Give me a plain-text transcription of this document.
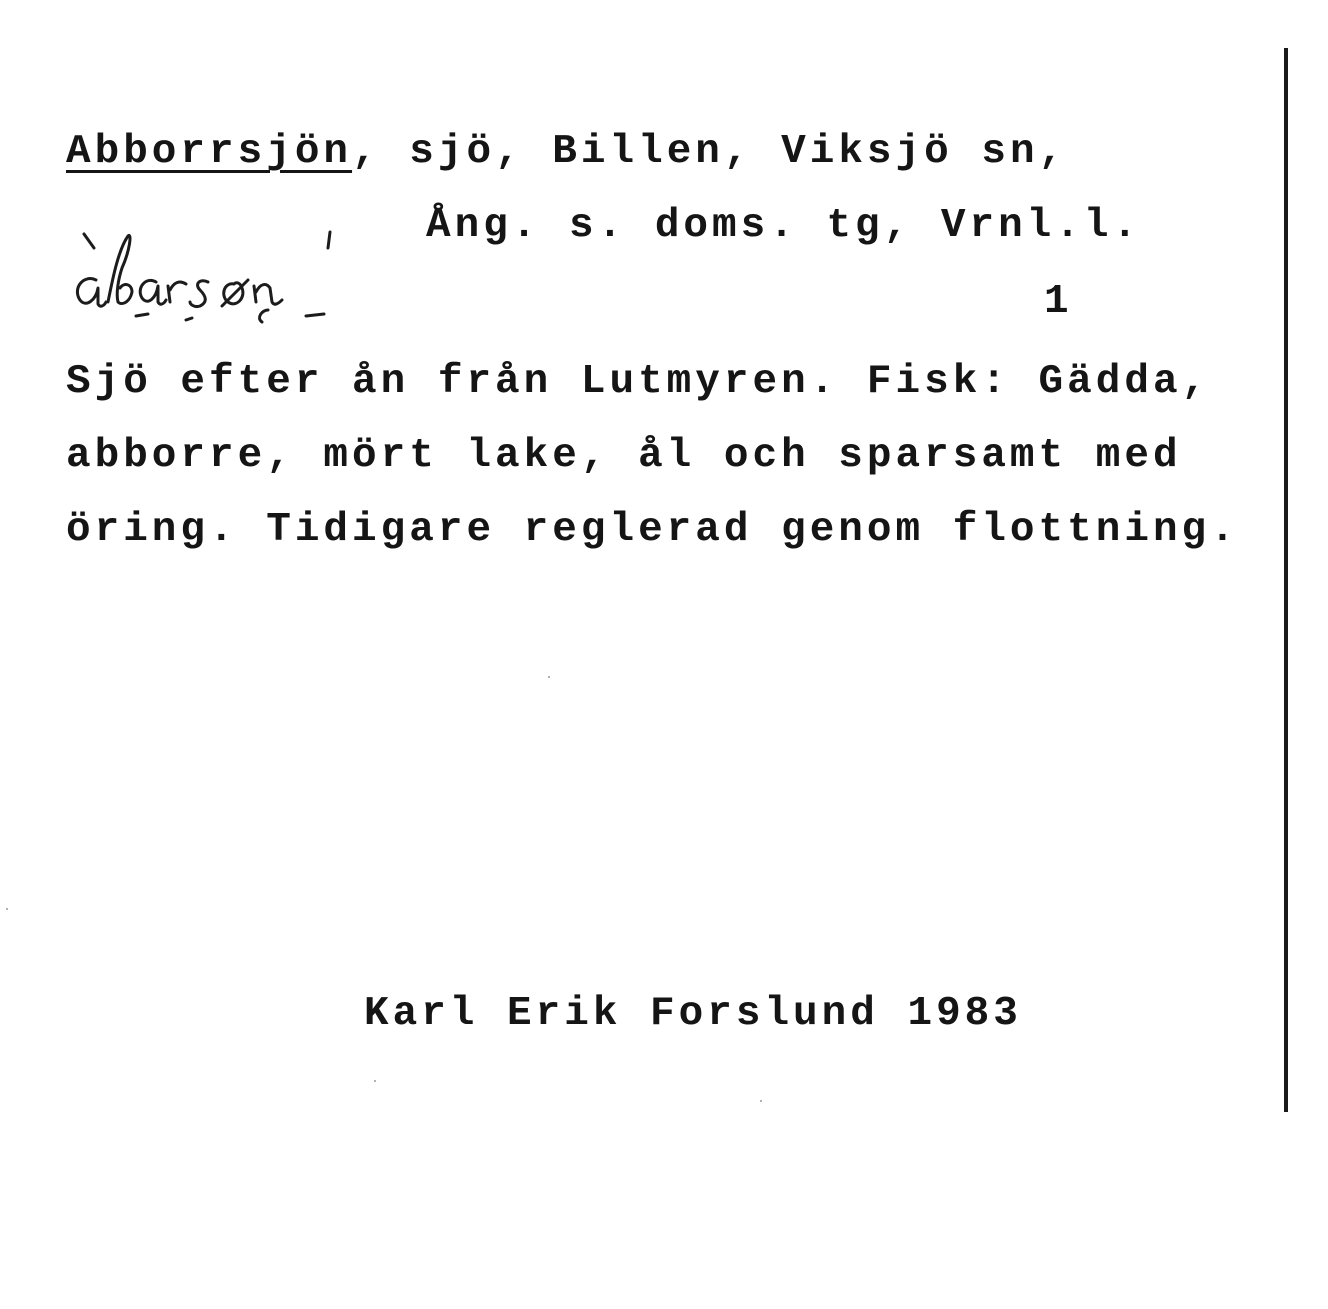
Abborrsjön, sjö, Billen, Viksjö sn,
Ång. s. doms. tg, Vrnl.l.
1
Sjö efter ån från Lutmyren. Fisk: Gädda,
abborre, mört lake, ål och sparsamt med
öring. Tidigare reglerad genom flottning.
Karl Erik Forslund 1983
